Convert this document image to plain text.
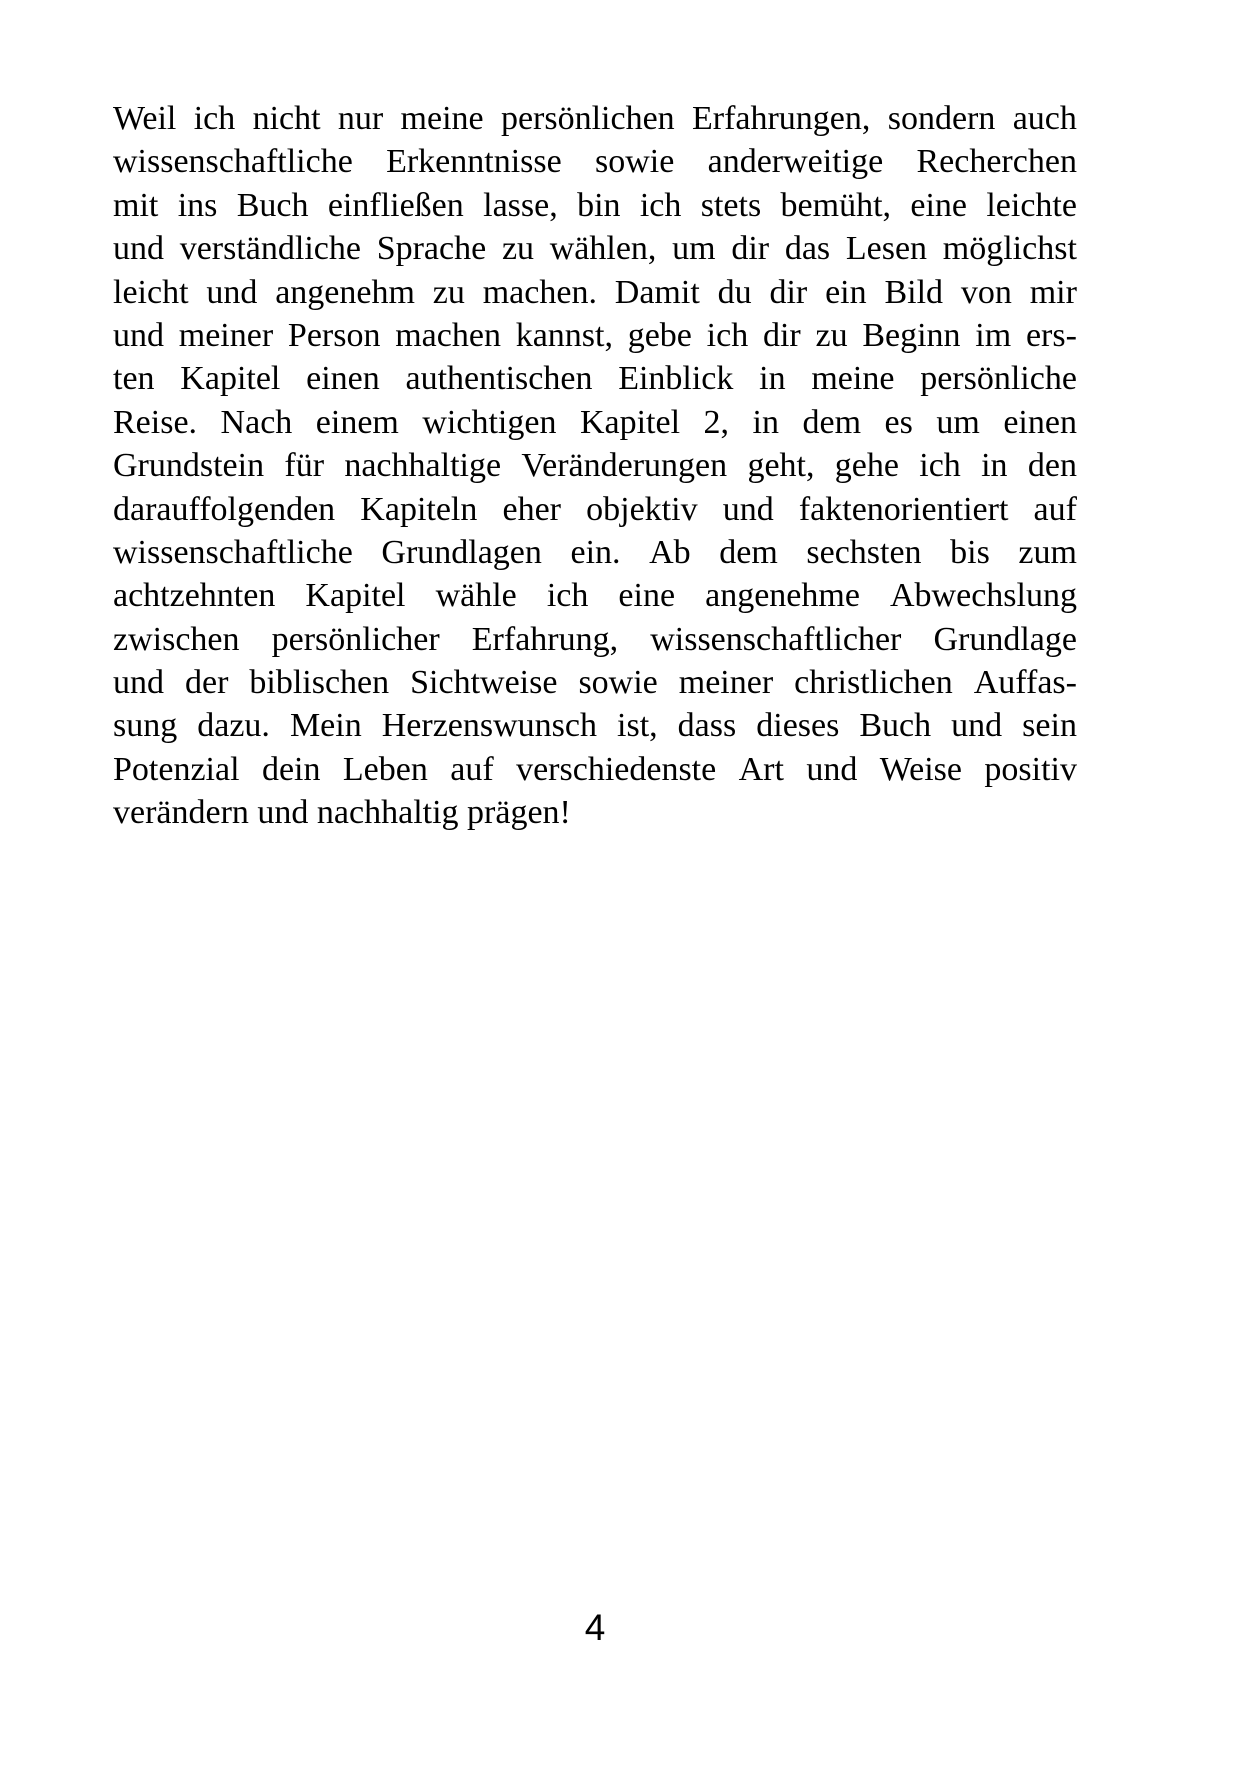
Weil ich nicht nur meine persönlichen Erfahrungen, sondern auch
wissenschaftliche Erkenntnisse sowie anderweitige Recherchen
mit ins Buch einfließen lasse, bin ich stets bemüht, eine leichte
und verständliche Sprache zu wählen, um dir das Lesen möglichst
leicht und angenehm zu machen. Damit du dir ein Bild von mir
und meiner Person machen kannst, gebe ich dir zu Beginn im ers-
ten Kapitel einen authentischen Einblick in meine persönliche
Reise. Nach einem wichtigen Kapitel 2, in dem es um einen
Grundstein für nachhaltige Veränderungen geht, gehe ich in den
darauffolgenden Kapiteln eher objektiv und faktenorientiert auf
wissenschaftliche Grundlagen ein. Ab dem sechsten bis zum
achtzehnten Kapitel wähle ich eine angenehme Abwechslung
zwischen persönlicher Erfahrung, wissenschaftlicher Grundlage
und der biblischen Sichtweise sowie meiner christlichen Auffas-
sung dazu. Mein Herzenswunsch ist, dass dieses Buch und sein
Potenzial dein Leben auf verschiedenste Art und Weise positiv
verändern und nachhaltig prägen!
4
